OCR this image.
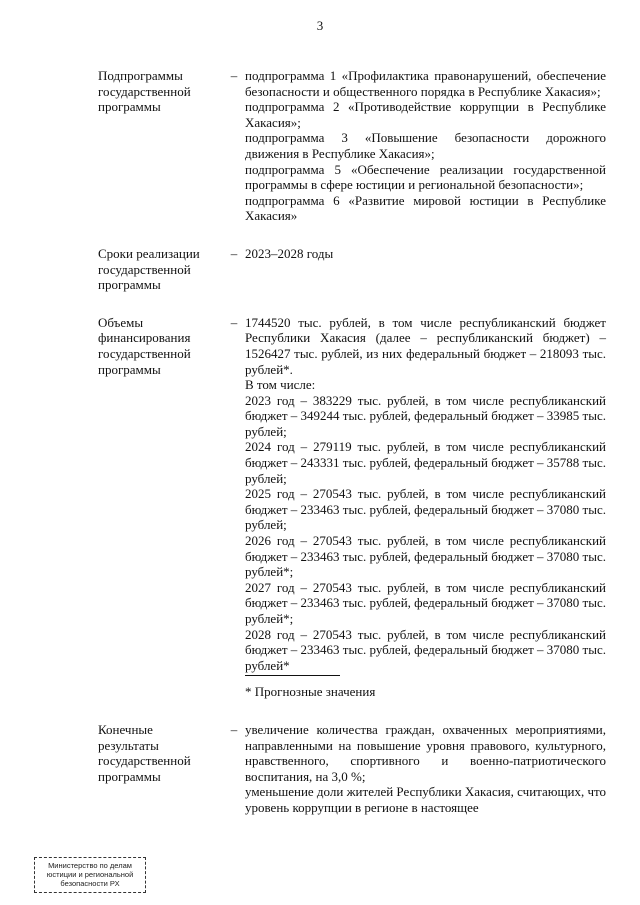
3
Подпрограммы
государственной
программы
– подпрограмма 1 «Профилактика правонарушений, обеспечение безопасности и общественного порядка в Республике Хакасия»;

подпрограмма 2 «Противодействие коррупции в Республике Хакасия»;

подпрограмма 3 «Повышение безопасности дорожного движения в Республике Хакасия»;

подпрограмма 5 «Обеспечение реализации государственной программы в сфере юстиции и региональной безопасности»;

подпрограмма 6 «Развитие мировой юстиции в Республике Хакасия»

Сроки реализации
государственной
программы
– 2023–2028 годы

Объемы
финансирования
государственной
программы
– 1744520 тыс. рублей, в том числе республиканский бюджет Республики Хакасия (далее – республиканский бюджет) – 1526427 тыс. рублей, из них федеральный бюджет – 218093 тыс. рублей*.

В том числе:

2023 год – 383229 тыс. рублей, в том числе республиканский бюджет – 349244 тыс. рублей, федеральный бюджет – 33985 тыс. рублей;

2024 год – 279119 тыс. рублей, в том числе республиканский бюджет – 243331 тыс. рублей, федеральный бюджет – 35788 тыс. рублей;

2025 год – 270543 тыс. рублей, в том числе республиканский бюджет – 233463 тыс. рублей, федеральный бюджет – 37080 тыс. рублей;

2026 год – 270543 тыс. рублей, в том числе республиканский бюджет – 233463 тыс. рублей, федеральный бюджет – 37080 тыс. рублей*;

2027 год – 270543 тыс. рублей, в том числе республиканский бюджет – 233463 тыс. рублей, федеральный бюджет – 37080 тыс. рублей*;

2028 год – 270543 тыс. рублей, в том числе республиканский бюджет – 233463 тыс. рублей, федеральный бюджет – 37080 тыс. рублей*

* Прогнозные значения
Конечные
результаты
государственной
программы
– увеличение количества граждан, охваченных мероприятиями, направленными на повышение уровня правового, культурного, нравственного, спортивного и военно-патриотического воспитания, на 3,0 %;

уменьшение доли жителей Республики Хакасия, считающих, что уровень коррупции в регионе в настоящее

Министерство по делам
юстиции и региональной
безопасности РХ
